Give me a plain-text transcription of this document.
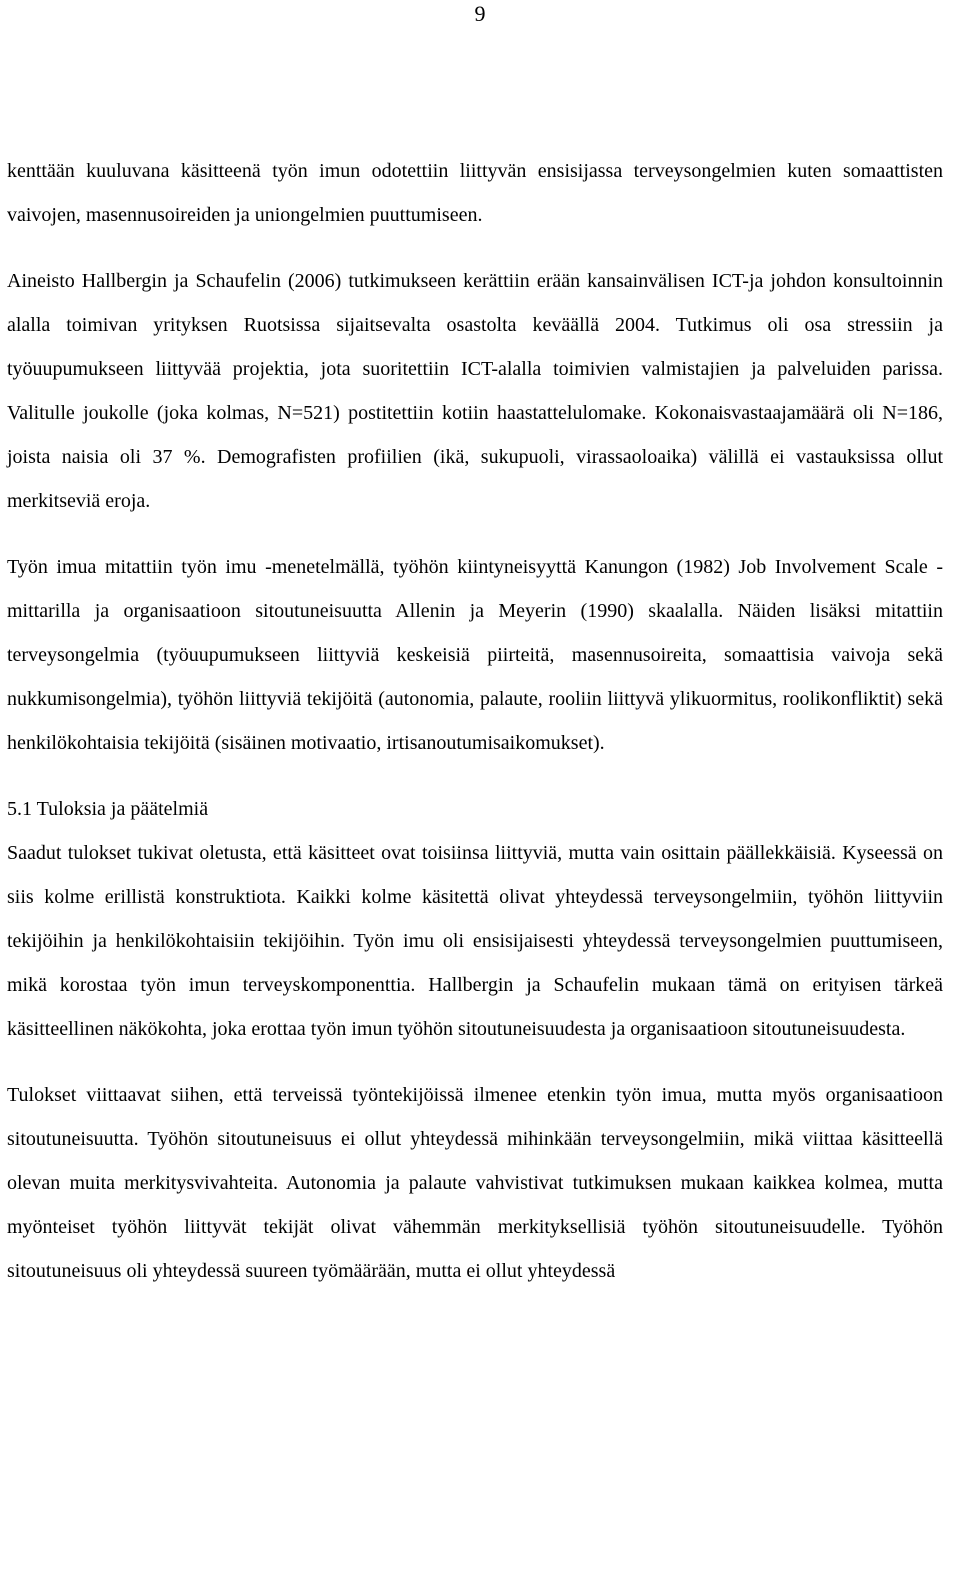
9

kenttään kuuluvana käsitteenä työn imun odotettiin liittyvän ensisijassa terveysongelmien kuten somaattisten vaivojen, masennusoireiden ja uniongelmien puuttumiseen.

Aineisto Hallbergin ja Schaufelin (2006) tutkimukseen kerättiin erään kansainvälisen ICT-ja johdon konsultoinnin alalla toimivan yrityksen Ruotsissa sijaitsevalta osastolta keväällä 2004. Tutkimus oli osa stressiin ja työuupumukseen liittyvää projektia, jota suoritettiin ICT-alalla toimivien valmistajien ja palveluiden parissa. Valitulle joukolle (joka kolmas, N=521) postitettiin kotiin haastattelulomake. Kokonaisvastaajamäärä oli N=186, joista naisia oli 37 %. Demografisten profiilien (ikä, sukupuoli, virassaoloaika) välillä ei vastauksissa ollut merkitseviä eroja.

Työn imua mitattiin työn imu -menetelmällä, työhön kiintyneisyyttä Kanungon (1982) Job Involvement Scale -mittarilla ja organisaatioon sitoutuneisuutta Allenin ja Meyerin (1990) skaalalla. Näiden lisäksi mitattiin terveysongelmia (työuupumukseen liittyviä keskeisiä piirteitä, masennusoireita, somaattisia vaivoja sekä nukkumisongelmia), työhön liittyviä tekijöitä (autonomia, palaute, rooliin liittyvä ylikuormitus, roolikonfliktit) sekä henkilökohtaisia tekijöitä (sisäinen motivaatio, irtisanoutumisaikomukset).

5.1 Tuloksia ja päätelmiä

Saadut tulokset tukivat oletusta, että käsitteet ovat toisiinsa liittyviä, mutta vain osittain päällekkäisiä. Kyseessä on siis kolme erillistä konstruktiota. Kaikki kolme käsitettä olivat yhteydessä terveysongelmiin, työhön liittyviin tekijöihin ja henkilökohtaisiin tekijöihin. Työn imu oli ensisijaisesti yhteydessä terveysongelmien puuttumiseen, mikä korostaa työn imun terveyskomponenttia. Hallbergin ja Schaufelin mukaan tämä on erityisen tärkeä käsitteellinen näkökohta, joka erottaa työn imun työhön sitoutuneisuudesta ja organisaatioon sitoutuneisuudesta.

Tulokset viittaavat siihen, että terveissä työntekijöissä ilmenee etenkin työn imua, mutta myös organisaatioon sitoutuneisuutta. Työhön sitoutuneisuus ei ollut yhteydessä mihinkään terveysongelmiin, mikä viittaa käsitteellä olevan muita merkitysvivahteita. Autonomia ja palaute vahvistivat tutkimuksen mukaan kaikkea kolmea, mutta myönteiset työhön liittyvät tekijät olivat vähemmän merkityksellisiä työhön sitoutuneisuudelle. Työhön sitoutuneisuus oli yhteydessä suureen työmäärään, mutta ei ollut yhteydessä
